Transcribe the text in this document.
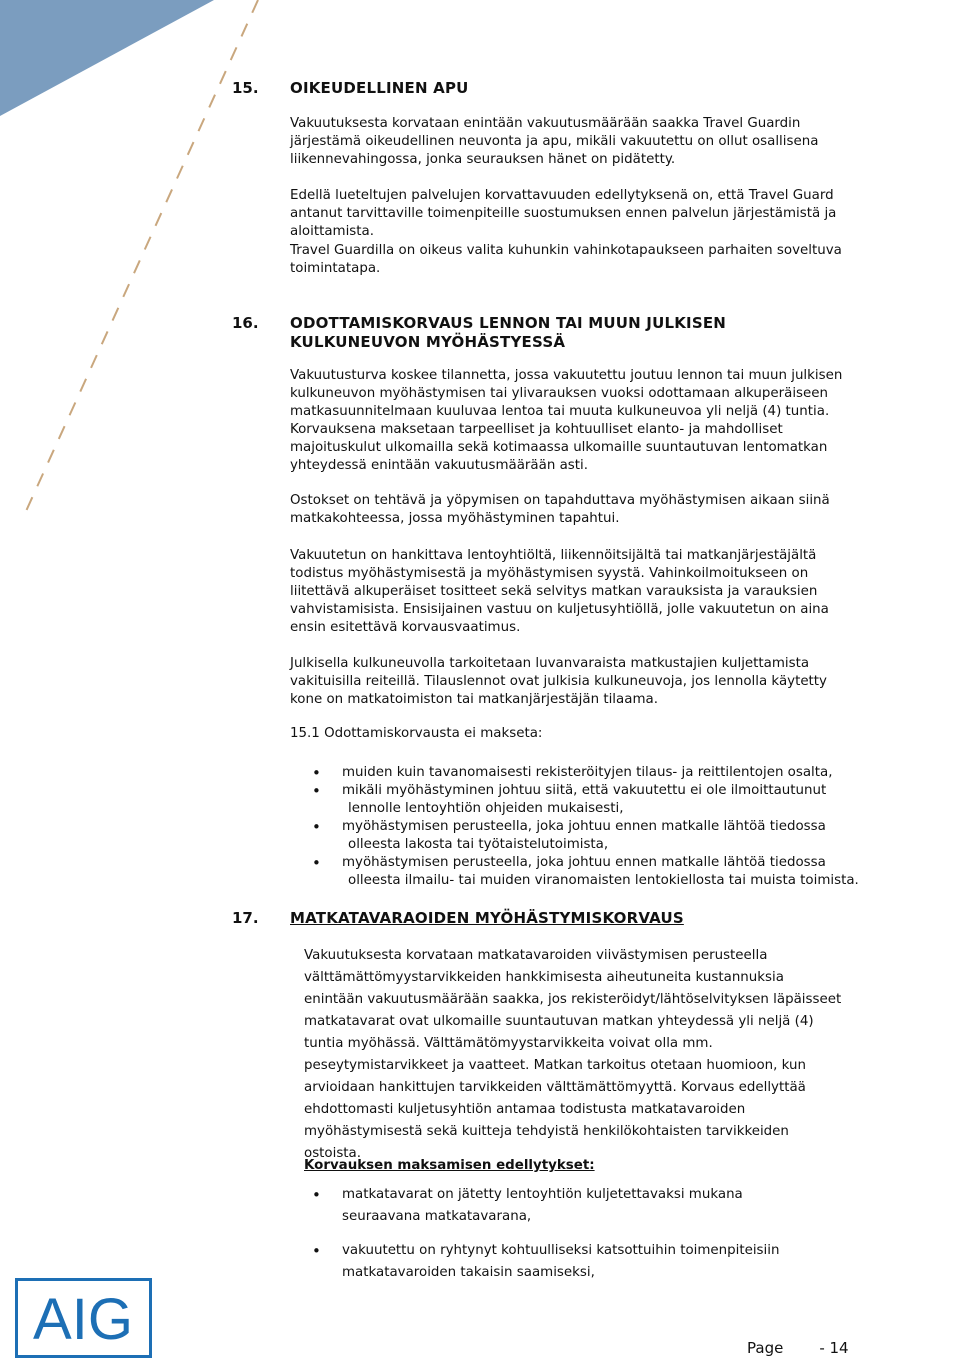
15. OIKEUDELLINEN APU

Vakuutuksesta korvataan enintään vakuutusmäärään saakka Travel Guardin järjestämä oikeudellinen neuvonta ja apu, mikäli vakuutettu on ollut osallisena liikennevahingossa, jonka seurauksen hänet on pidätetty.

Edellä lueteltujen palvelujen korvattavuuden edellytyksenä on, että Travel Guard antanut tarvittaville toimenpiteille suostumuksen ennen palvelun järjestämistä ja aloittamista.

Travel Guardilla on oikeus valita kuhunkin vahinkotapaukseen parhaiten soveltuva toimintatapa.

16. ODOTTAMISKORVAUS LENNON TAI MUUN JULKISEN KULKUNEUVON MYÖHÄSTYESSÄ

Vakuutusturva koskee tilannetta, jossa vakuutettu joutuu lennon tai muun julkisen kulkuneuvon myöhästymisen tai ylivarauksen vuoksi odottamaan alkuperäiseen matkasuunnitelmaan kuuluvaa lentoa tai muuta kulkuneuvoa yli neljä (4) tuntia. Korvauksena maksetaan tarpeelliset ja kohtuulliset elanto- ja mahdolliset majoituskulut ulkomailla sekä kotimaassa ulkomaille suuntautuvan lentomatkan yhteydessä enintään vakuutusmäärään asti.

Ostokset on tehtävä ja yöpymisen on tapahduttava myöhästymisen aikaan siinä matkakohteessa, jossa myöhästyminen tapahtui.

Vakuutetun on hankittava lentoyhtiöltä, liikennöitsijältä tai matkanjärjestäjältä todistus myöhästymisestä ja myöhästymisen syystä. Vahinkoilmoitukseen on liitettävä alkuperäiset tositteet sekä selvitys matkan varauksista ja varauksien vahvistamisista. Ensisijainen vastuu on kuljetusyhtiöllä, jolle vakuutetun on aina ensin esitettävä korvausvaatimus.

Julkisella kulkuneuvolla tarkoitetaan luvanvaraista matkustajien kuljettamista vakituisilla reiteillä. Tilauslennot ovat julkisia kulkuneuvoja, jos lennolla käytetty kone on matkatoimiston tai matkanjärjestäjän tilaama.

15.1 Odottamiskorvausta ei makseta:
• muiden kuin tavanomaisesti rekisteröityjen tilaus- ja reittilentojen osalta,
• mikäli myöhästyminen johtuu siitä, että vakuutettu ei ole ilmoittautunut
lennolle lentoyhtiön ohjeiden mukaisesti,
• myöhästymisen perusteella, joka johtuu ennen matkalle lähtöä tiedossa
olleesta lakosta tai työtaistelutoimista,
• myöhästymisen perusteella, joka johtuu ennen matkalle lähtöä tiedossa
olleesta ilmailu- tai muiden viranomaisten lentokiellosta tai muista toimista.
17. MATKATAVARAOIDEN MYÖHÄSTYMISKORVAUS

Vakuutuksesta korvataan matkatavaroiden viivästymisen perusteella välttämättömyystarvikkeiden hankkimisesta aiheutuneita kustannuksia enintään vakuutusmäärään saakka, jos rekisteröidyt/lähtöselvityksen läpäisseet matkatavarat ovat ulkomaille suuntautuvan matkan yhteydessä yli neljä (4) tuntia myöhässä. Välttämätömyystarvikkeita voivat olla mm. peseytymistarvikkeet ja vaatteet. Matkan tarkoitus otetaan huomioon, kun arvioidaan hankittujen tarvikkeiden välttämättömyyttä. Korvaus edellyttää ehdottomasti kuljetusyhtiön antamaa todistusta matkatavaroiden myöhästymisestä sekä kuitteja tehdyistä henkilökohtaisten tarvikkeiden ostoista.

Korvauksen maksamisen edellytykset:
• matkatavarat on jätetty lentoyhtiön kuljetettavaksi mukana seuraavana matkatavarana,
• vakuutettu on ryhtynyt kohtuulliseksi katsottuihin toimenpiteisiin matkatavaroiden takaisin saamiseksi,
AIG	Page - 14
